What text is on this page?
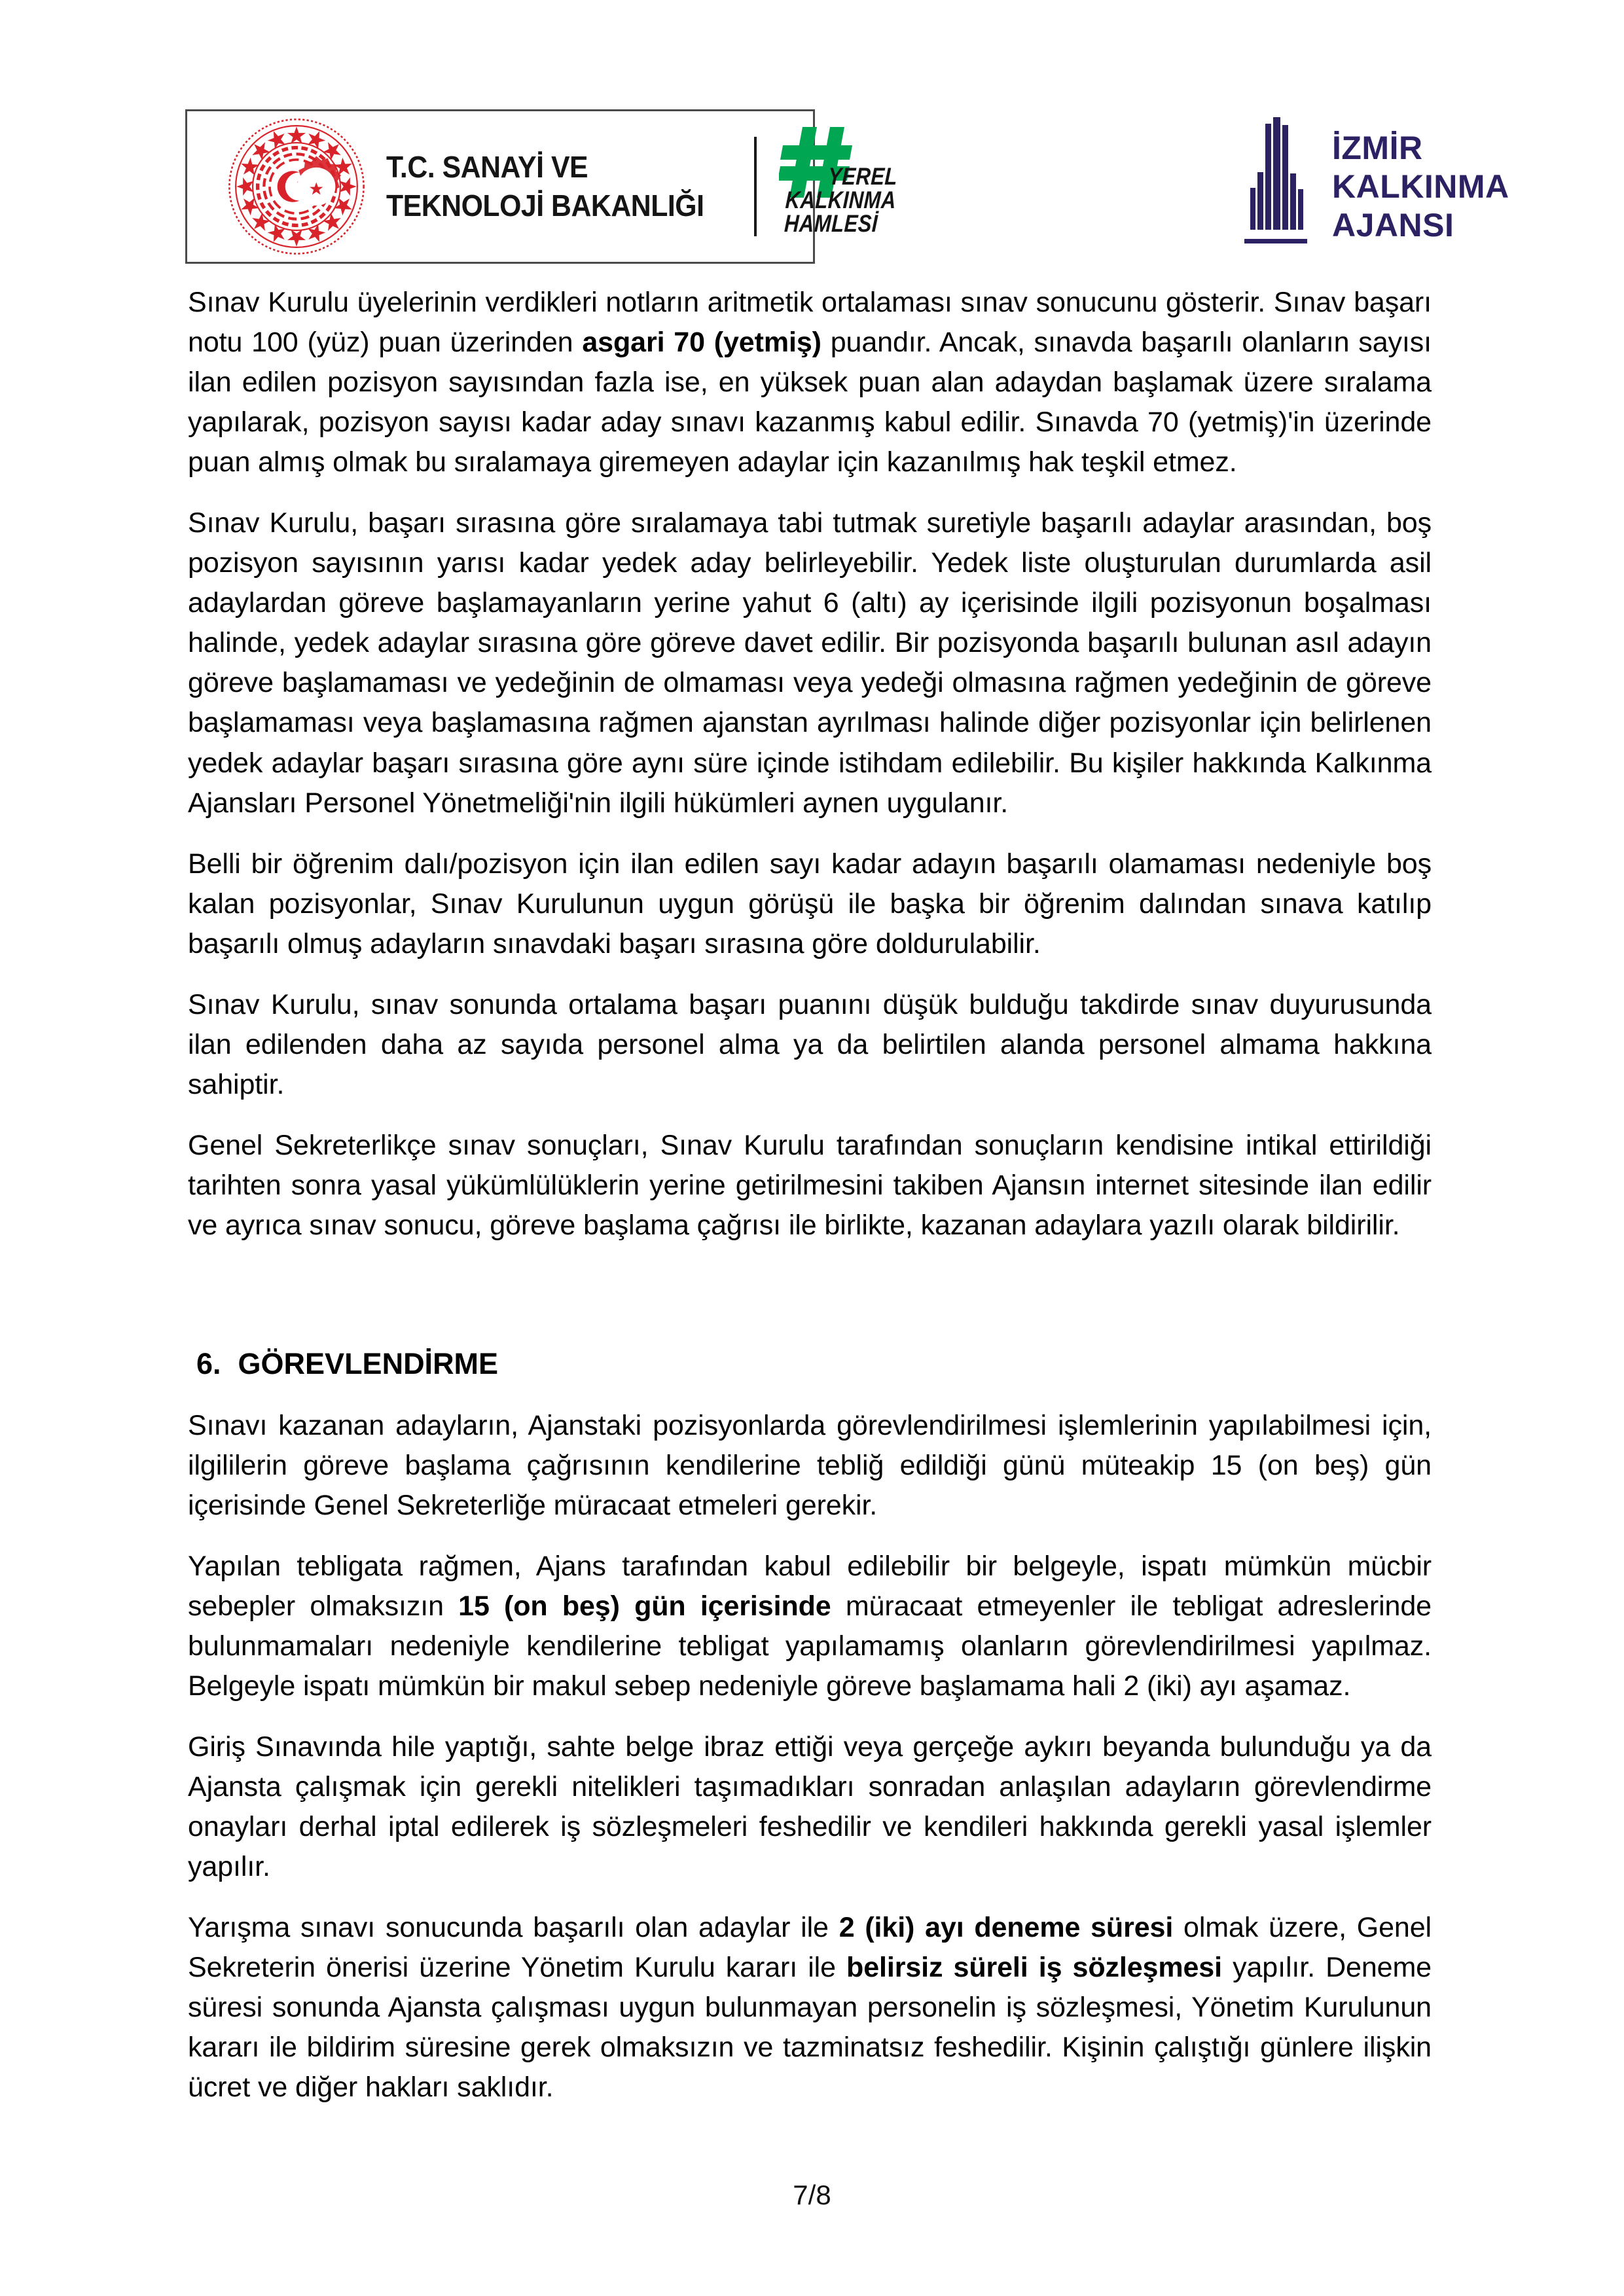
T.C. SANAYİ VE
TEKNOLOJİ BAKANLIĞI
YEREL
KALKINMA
HAMLESİ
İZMİR
KALKINMA
AJANSI

Sınav Kurulu üyelerinin verdikleri notların aritmetik ortalaması sınav sonucunu gösterir. Sınav başarı notu 100 (yüz) puan üzerinden asgari 70 (yetmiş) puandır. Ancak, sınavda başarılı olanların sayısı ilan edilen pozisyon sayısından fazla ise, en yüksek puan alan adaydan başlamak üzere sıralama yapılarak, pozisyon sayısı kadar aday sınavı kazanmış kabul edilir. Sınavda 70 (yetmiş)'in üzerinde puan almış olmak bu sıralamaya giremeyen adaylar için kazanılmış hak teşkil etmez.

Sınav Kurulu, başarı sırasına göre sıralamaya tabi tutmak suretiyle başarılı adaylar arasından, boş pozisyon sayısının yarısı kadar yedek aday belirleyebilir. Yedek liste oluşturulan durumlarda asil adaylardan göreve başlamayanların yerine yahut 6 (altı) ay içerisinde ilgili pozisyonun boşalması halinde, yedek adaylar sırasına göre göreve davet edilir. Bir pozisyonda başarılı bulunan asıl adayın göreve başlamaması ve yedeğinin de olmaması veya yedeği olmasına rağmen yedeğinin de göreve başlamaması veya başlamasına rağmen ajanstan ayrılması halinde diğer pozisyonlar için belirlenen yedek adaylar başarı sırasına göre aynı süre içinde istihdam edilebilir. Bu kişiler hakkında Kalkınma Ajansları Personel Yönetmeliği'nin ilgili hükümleri aynen uygulanır.

Belli bir öğrenim dalı/pozisyon için ilan edilen sayı kadar adayın başarılı olamaması nedeniyle boş kalan pozisyonlar, Sınav Kurulunun uygun görüşü ile başka bir öğrenim dalından sınava katılıp başarılı olmuş adayların sınavdaki başarı sırasına göre doldurulabilir.

Sınav Kurulu, sınav sonunda ortalama başarı puanını düşük bulduğu takdirde sınav duyurusunda ilan edilenden daha az sayıda personel alma ya da belirtilen alanda personel almama hakkına sahiptir.

Genel Sekreterlikçe sınav sonuçları, Sınav Kurulu tarafından sonuçların kendisine intikal ettirildiği tarihten sonra yasal yükümlülüklerin yerine getirilmesini takiben Ajansın internet sitesinde ilan edilir ve ayrıca sınav sonucu, göreve başlama çağrısı ile birlikte, kazanan adaylara yazılı olarak bildirilir.

6. GÖREVLENDİRME

Sınavı kazanan adayların, Ajanstaki pozisyonlarda görevlendirilmesi işlemlerinin yapılabilmesi için, ilgililerin göreve başlama çağrısının kendilerine tebliğ edildiği günü müteakip 15 (on beş) gün içerisinde Genel Sekreterliğe müracaat etmeleri gerekir.

Yapılan tebligata rağmen, Ajans tarafından kabul edilebilir bir belgeyle, ispatı mümkün mücbir sebepler olmaksızın 15 (on beş) gün içerisinde müracaat etmeyenler ile tebligat adreslerinde bulunmamaları nedeniyle kendilerine tebligat yapılamamış olanların görevlendirilmesi yapılmaz. Belgeyle ispatı mümkün bir makul sebep nedeniyle göreve başlamama hali 2 (iki) ayı aşamaz.

Giriş Sınavında hile yaptığı, sahte belge ibraz ettiği veya gerçeğe aykırı beyanda bulunduğu ya da Ajansta çalışmak için gerekli nitelikleri taşımadıkları sonradan anlaşılan adayların görevlendirme onayları derhal iptal edilerek iş sözleşmeleri feshedilir ve kendileri hakkında gerekli yasal işlemler yapılır.

Yarışma sınavı sonucunda başarılı olan adaylar ile 2 (iki) ayı deneme süresi olmak üzere, Genel Sekreterin önerisi üzerine Yönetim Kurulu kararı ile belirsiz süreli iş sözleşmesi yapılır. Deneme süresi sonunda Ajansta çalışması uygun bulunmayan personelin iş sözleşmesi, Yönetim Kurulunun kararı ile bildirim süresine gerek olmaksızın ve tazminatsız feshedilir. Kişinin çalıştığı günlere ilişkin ücret ve diğer hakları saklıdır.

7/8
